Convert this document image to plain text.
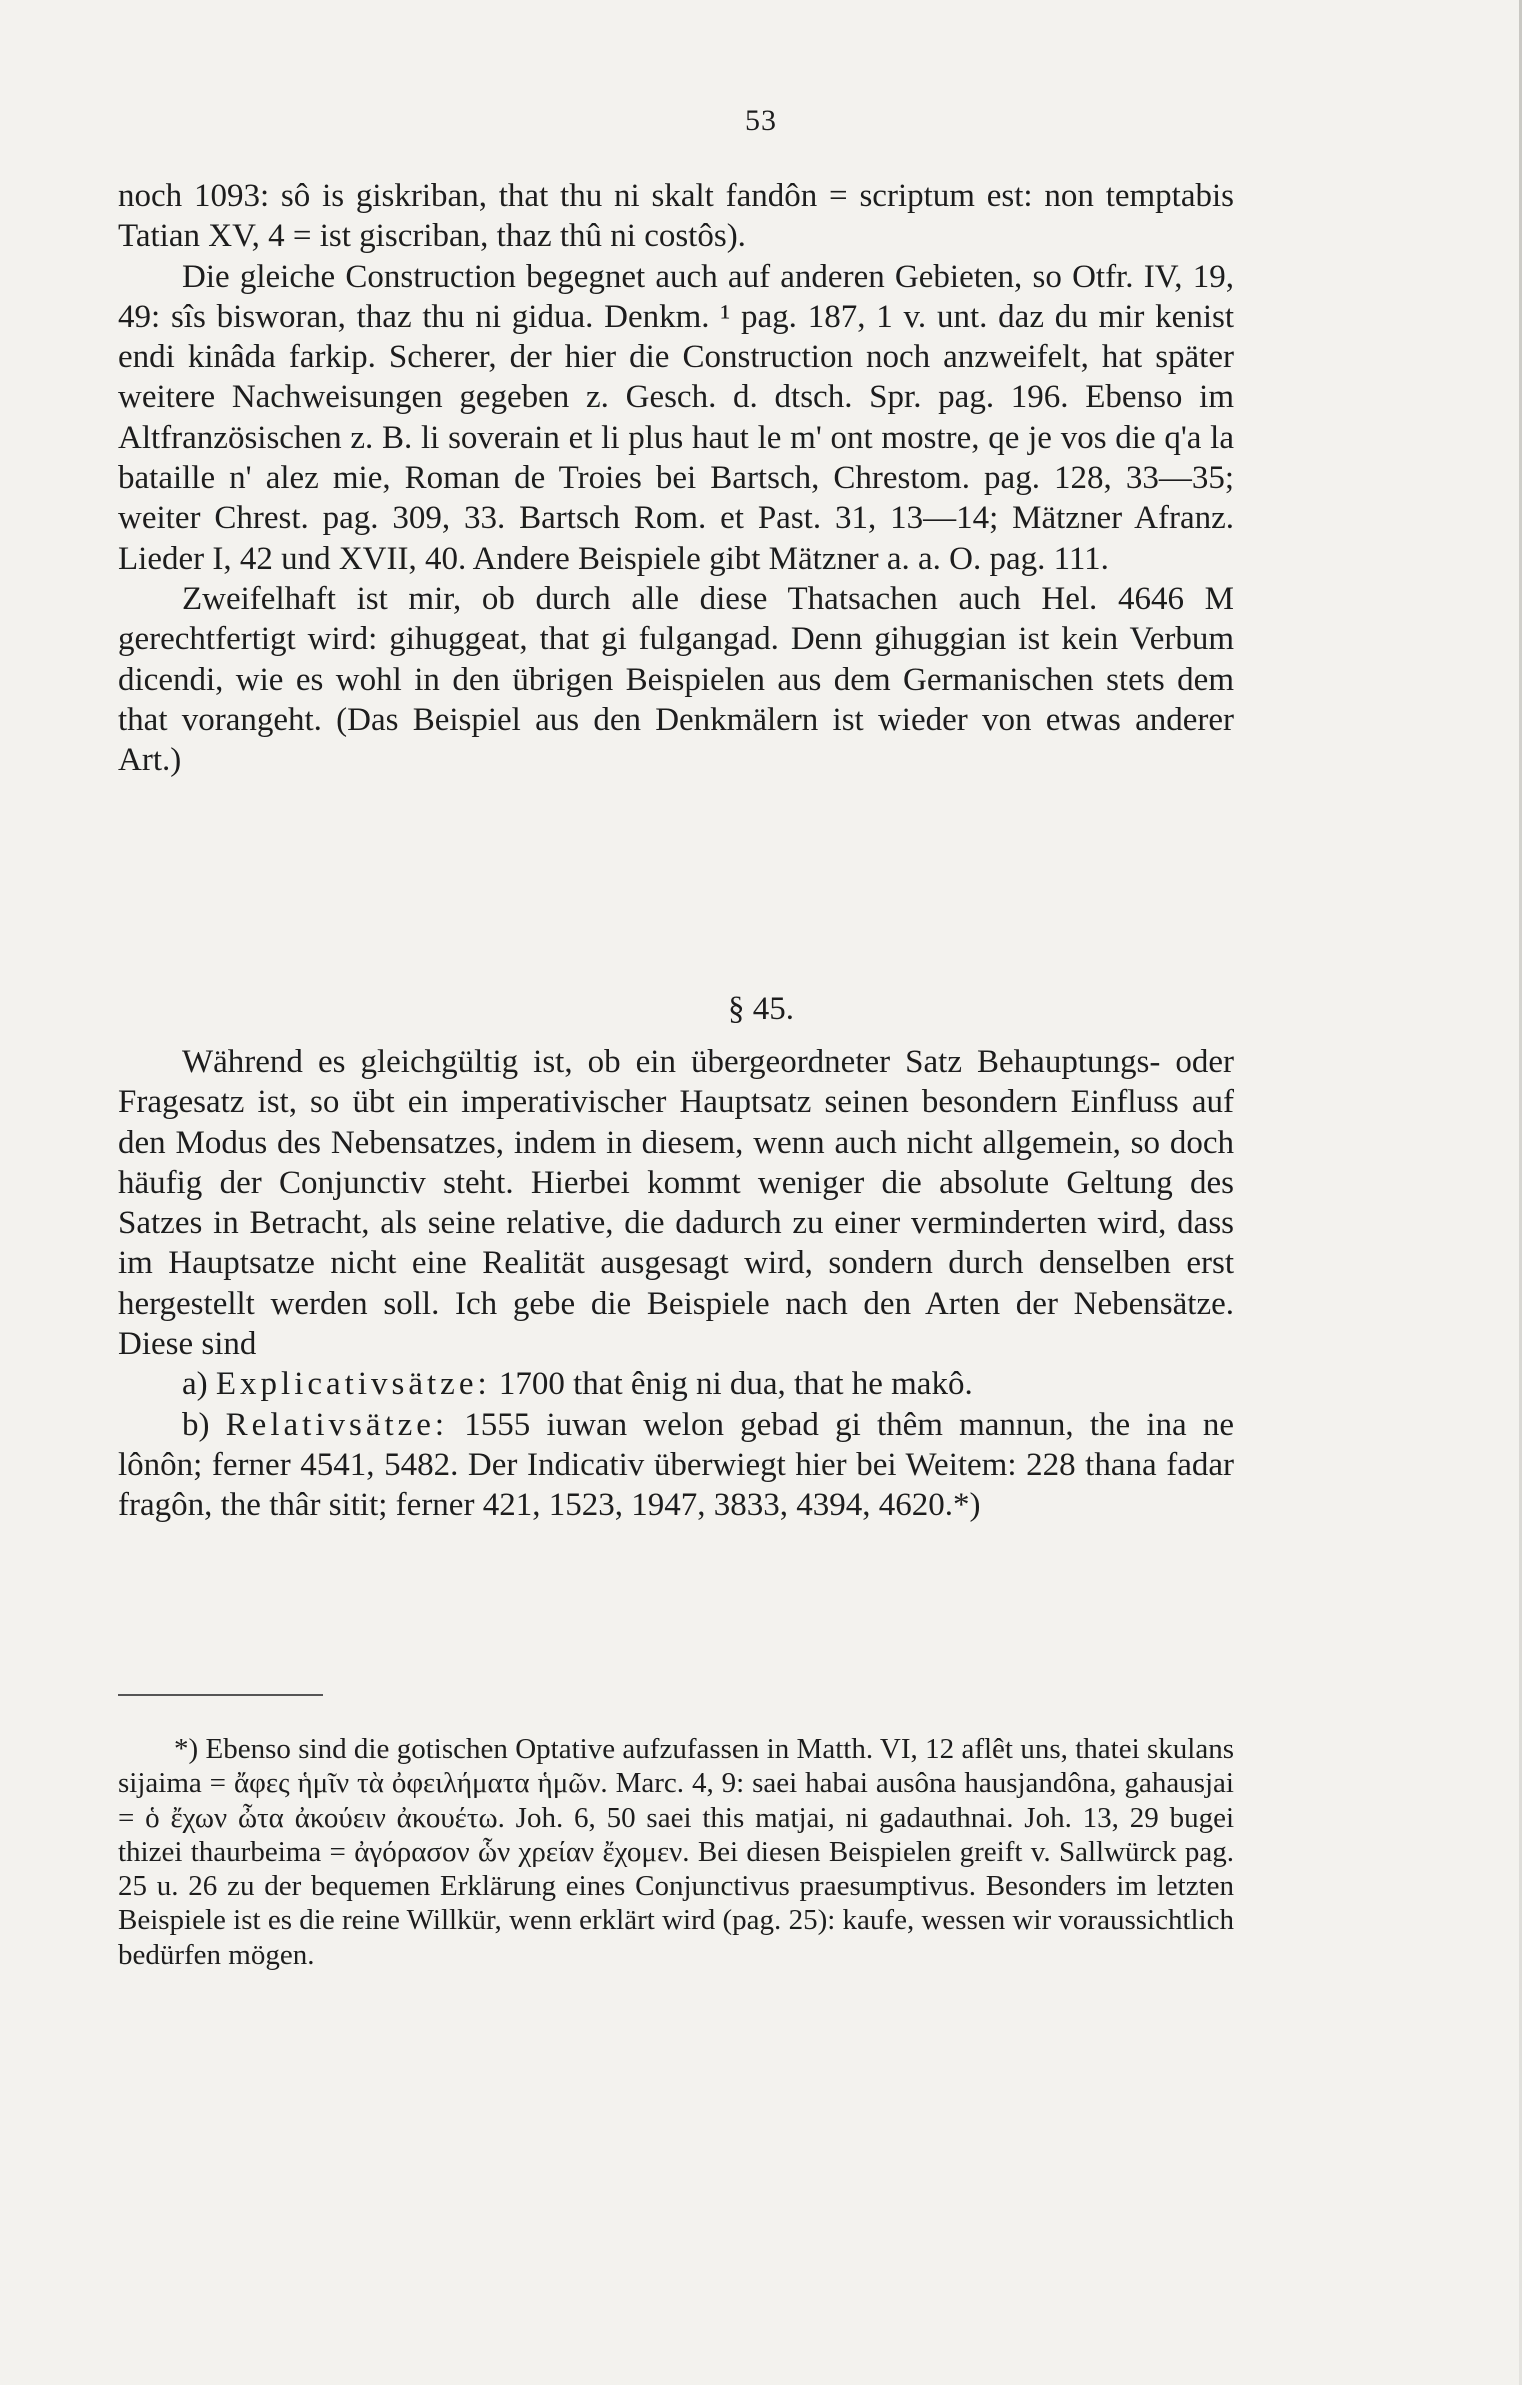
53

noch 1093: sô is giskriban, that thu ni skalt fandôn = scriptum est: non temptabis Tatian XV, 4 = ist giscriban, thaz thû ni costôs).

Die gleiche Construction begegnet auch auf anderen Gebieten, so Otfr. IV, 19, 49: sîs bisworan, thaz thu ni gidua. Denkm. ¹ pag. 187, 1 v. unt. daz du mir kenist endi kinâda farkip. Scherer, der hier die Construction noch anzweifelt, hat später weitere Nachweisungen gegeben z. Gesch. d. dtsch. Spr. pag. 196. Ebenso im Altfranzösischen z. B. li soverain et li plus haut le m' ont mostre, qe je vos die q'a la bataille n' alez mie, Roman de Troies bei Bartsch, Chrestom. pag. 128, 33—35; weiter Chrest. pag. 309, 33. Bartsch Rom. et Past. 31, 13—14; Mätzner Afranz. Lieder I, 42 und XVII, 40. Andere Beispiele gibt Mätzner a. a. O. pag. 111.

Zweifelhaft ist mir, ob durch alle diese Thatsachen auch Hel. 4646 M gerechtfertigt wird: gihuggeat, that gi fulgangad. Denn gihuggian ist kein Verbum dicendi, wie es wohl in den übrigen Beispielen aus dem Germanischen stets dem that vorangeht. (Das Beispiel aus den Denkmälern ist wieder von etwas anderer Art.)

§ 45.

Während es gleichgültig ist, ob ein übergeordneter Satz Behauptungs- oder Fragesatz ist, so übt ein imperativischer Hauptsatz seinen besondern Einfluss auf den Modus des Nebensatzes, indem in diesem, wenn auch nicht allgemein, so doch häufig der Conjunctiv steht. Hierbei kommt weniger die absolute Geltung des Satzes in Betracht, als seine relative, die dadurch zu einer verminderten wird, dass im Hauptsatze nicht eine Realität ausgesagt wird, sondern durch denselben erst hergestellt werden soll. Ich gebe die Beispiele nach den Arten der Nebensätze. Diese sind

a) Explicativsätze: 1700 that ênig ni dua, that he makô.

b) Relativsätze: 1555 iuwan welon gebad gi thêm mannun, the ina ne lônôn; ferner 4541, 5482. Der Indicativ überwiegt hier bei Weitem: 228 thana fadar fragôn, the thâr sitit; ferner 421, 1523, 1947, 3833, 4394, 4620.*)

*) Ebenso sind die gotischen Optative aufzufassen in Matth. VI, 12 aflêt uns, thatei skulans sijaima = ἄφες ἡμῖν τὰ ὀφειλήματα ἡμῶν. Marc. 4, 9: saei habai ausôna hausjandôna, gahausjai = ὁ ἔχων ὦτα ἀκούειν ἀκουέτω. Joh. 6, 50 saei this matjai, ni gadauthnai. Joh. 13, 29 bugei thizei thaurbeima = ἀγόρασον ὧν χρείαν ἔχομεν. Bei diesen Beispielen greift v. Sallwürck pag. 25 u. 26 zu der bequemen Erklärung eines Conjunctivus praesumptivus. Besonders im letzten Beispiele ist es die reine Willkür, wenn erklärt wird (pag. 25): kaufe, wessen wir voraussichtlich bedürfen mögen.
